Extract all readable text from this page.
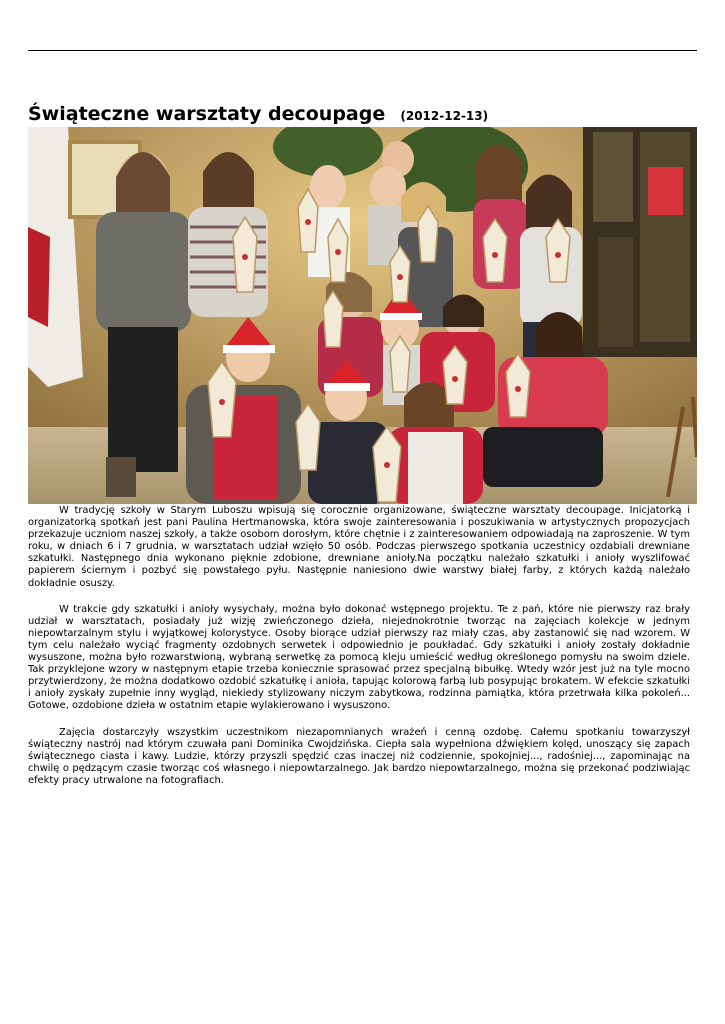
Świąteczne warsztaty decoupage (2012-12-13)

W tradycję szkoły w Starym Luboszu wpisują się corocznie organizowane, świąteczne warsztaty decoupage. Inicjatorką i organizatorką spotkań jest pani Paulina Hertmanowska, która swoje zainteresowania i poszukiwania w artystycznych propozycjach przekazuje uczniom naszej szkoły, a także osobom dorosłym, które chętnie i z zainteresowaniem odpowiadają na zaproszenie. W tym roku, w dniach 6 i 7 grudnia, w warsztatach udział wzięło 50 osób. Podczas pierwszego spotkania uczestnicy ozdabiali drewniane szkatułki. Następnego dnia wykonano pięknie zdobione, drewniane anioły.Na początku należało szkatułki i anioły wyszlifować papierem ściernym i pozbyć się powstałego pyłu. Następnie naniesiono dwie warstwy białej farby, z których każdą należało dokładnie osuszy.

W trakcie gdy szkatułki i anioły wysychały, można było dokonać wstępnego projektu. Te z pań, które nie pierwszy raz brały udział w warsztatach, posiadały już wizję zwieńczonego dzieła, niejednokrotnie tworząc na zajęciach kolekcje w jednym niepowtarzalnym stylu i wyjątkowej kolorystyce. Osoby biorące udział pierwszy raz miały czas, aby zastanowić się nad wzorem. W tym celu należało wyciąć fragmenty ozdobnych serwetek i odpowiednio je poukładać. Gdy szkatułki i anioły zostały dokładnie wysuszone, można było rozwarstwioną, wybraną serwetkę za pomocą kleju umieścić według określonego pomysłu na swoim dziele. Tak przyklejone wzory w następnym etapie trzeba koniecznie sprasować przez specjalną bibułkę. Wtedy wzór jest już na tyle mocno przytwierdzony, że można dodatkowo ozdobić szkatułkę i anioła, tapując kolorową farbą lub posypując brokatem. W efekcie szkatułki i anioły zyskały zupełnie inny wygląd, niekiedy stylizowany niczym zabytkowa, rodzinna pamiątka, która przetrwała kilka pokoleń... Gotowe, ozdobione dzieła w ostatnim etapie wylakierowano i wysuszono.

Zajęcia dostarczyły wszystkim uczestnikom niezapomnianych wrażeń i cenną ozdobę. Całemu spotkaniu towarzyszył świąteczny nastrój nad którym czuwała pani Dominika Cwojdzińska. Ciepła sala wypełniona dźwiękiem kolęd, unoszący się zapach świątecznego ciasta i kawy. Ludzie, którzy przyszli spędzić czas inaczej niż codziennie, spokojniej..., radośniej..., zapominając na chwilę o pędzącym czasie tworząc coś własnego i niepowtarzalnego. Jak bardzo niepowtarzalnego, można się przekonać podziwiając efekty pracy utrwalone na fotografiach.
